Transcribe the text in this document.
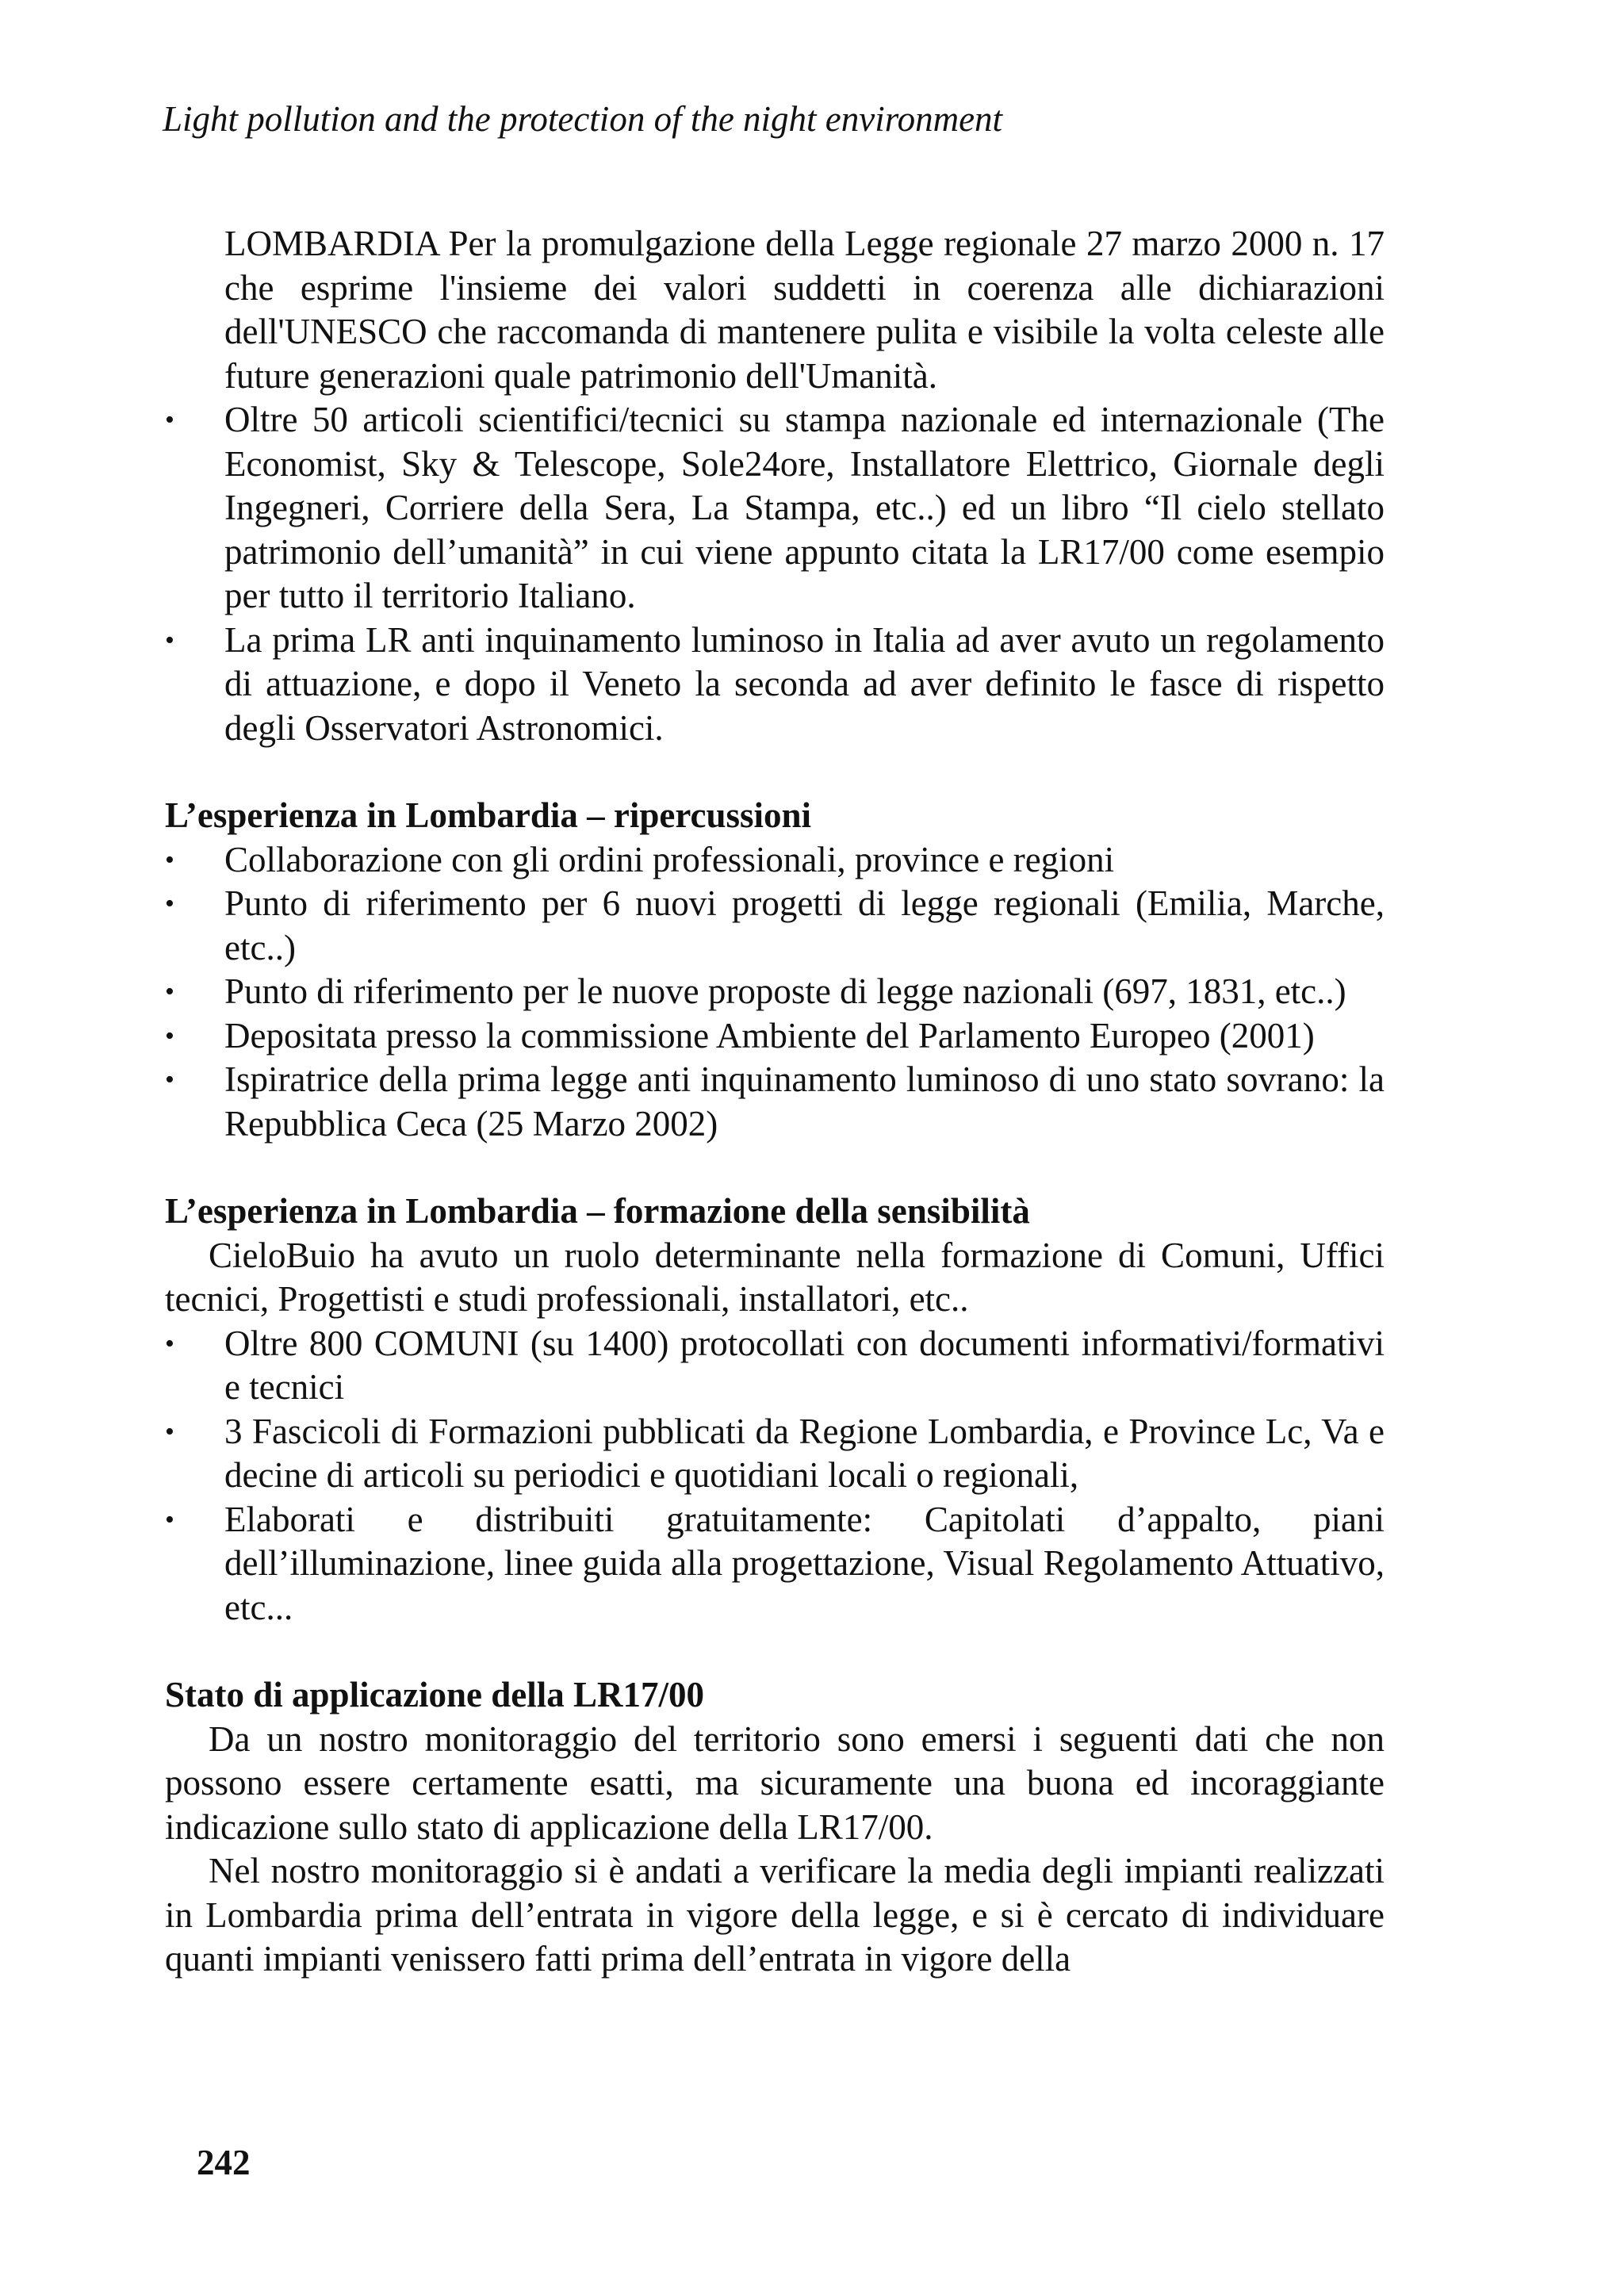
Light pollution and the protection of the night environment

LOMBARDIA Per la promulgazione della Legge regionale 27 marzo 2000 n. 17 che esprime l'insieme dei valori suddetti in coerenza alle dichiarazioni dell'UNESCO che raccomanda di mantenere pulita e visibile la volta celeste alle future generazioni quale patrimonio dell'Umanità.

• Oltre 50 articoli scientifici/tecnici su stampa nazionale ed internazionale (The Economist, Sky & Telescope, Sole24ore, Installatore Elettrico, Giornale degli Ingegneri, Corriere della Sera, La Stampa, etc..) ed un libro “Il cielo stellato patrimonio dell’umanità” in cui viene appunto citata la LR17/00 come esempio per tutto il territorio Italiano.
• La prima LR anti inquinamento luminoso in Italia ad aver avuto un regolamento di attuazione, e dopo il Veneto la seconda ad aver definito le fasce di rispetto degli Osservatori Astronomici.

L’esperienza in Lombardia – ripercussioni

• Collaborazione con gli ordini professionali, province e regioni
• Punto di riferimento per 6 nuovi progetti di legge regionali (Emilia, Marche, etc..)
• Punto di riferimento per le nuove proposte di legge nazionali (697, 1831, etc..)
• Depositata presso la commissione Ambiente del Parlamento Europeo (2001)
• Ispiratrice della prima legge anti inquinamento luminoso di uno stato sovrano: la Repubblica Ceca (25 Marzo 2002)

L’esperienza in Lombardia – formazione della sensibilità

CieloBuio ha avuto un ruolo determinante nella formazione di Comuni, Uffici tecnici, Progettisti e studi professionali, installatori, etc..

• Oltre 800 COMUNI (su 1400) protocollati con documenti informativi/formativi e tecnici
• 3 Fascicoli di Formazioni pubblicati da Regione Lombardia, e Province Lc, Va e decine di articoli su periodici e quotidiani locali o regionali,
• Elaborati e distribuiti gratuitamente: Capitolati d’appalto, piani dell’illuminazione, linee guida alla progettazione, Visual Regolamento Attuativo, etc...

Stato di applicazione della LR17/00

Da un nostro monitoraggio del territorio sono emersi i seguenti dati che non possono essere certamente esatti, ma sicuramente una buona ed incoraggiante indicazione sullo stato di applicazione della LR17/00.

Nel nostro monitoraggio si è andati a verificare la media degli impianti realizzati in Lombardia prima dell’entrata in vigore della legge, e si è cercato di individuare quanti impianti venissero fatti prima dell’entrata in vigore della

242
